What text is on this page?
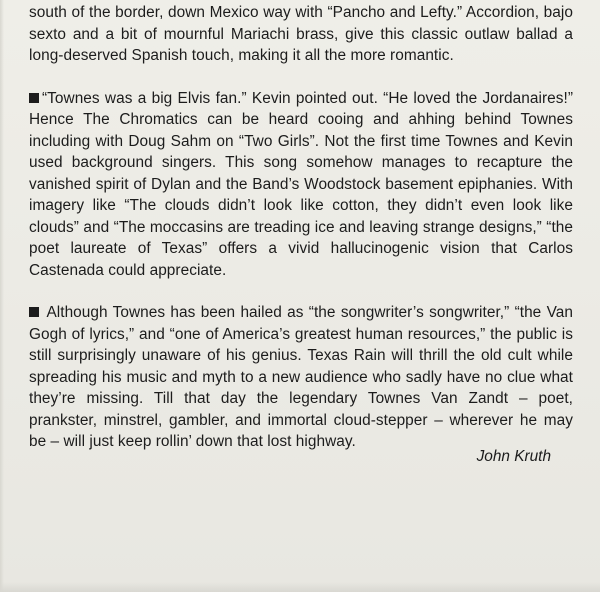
south of the border, down Mexico way with “Pancho and Lefty.” Accordion, bajo sexto and a bit of mournful Mariachi brass, give this classic outlaw ballad a long-deserved Spanish touch, making it all the more romantic.

“Townes was a big Elvis fan.” Kevin pointed out. “He loved the Jordanaires!” Hence The Chromatics can be heard cooing and ahhing behind Townes including with Doug Sahm on “Two Girls”. Not the first time Townes and Kevin used background singers. This song somehow manages to recapture the vanished spirit of Dylan and the Band’s Woodstock basement epiphanies. With imagery like “The clouds didn’t look like cotton, they didn’t even look like clouds” and “The moccasins are treading ice and leaving strange designs,” “the poet laureate of Texas” offers a vivid hallucinogenic vision that Carlos Castenada could appreciate.

Although Townes has been hailed as “the songwriter’s songwriter,” “the Van Gogh of lyrics,” and “one of America’s greatest human resources,” the public is still surprisingly unaware of his genius. Texas Rain will thrill the old cult while spreading his music and myth to a new audience who sadly have no clue what they’re missing. Till that day the legendary Townes Van Zandt – poet, prankster, minstrel, gambler, and immortal cloud-stepper – wherever he may be – will just keep rollin’ down that lost highway.

John Kruth
